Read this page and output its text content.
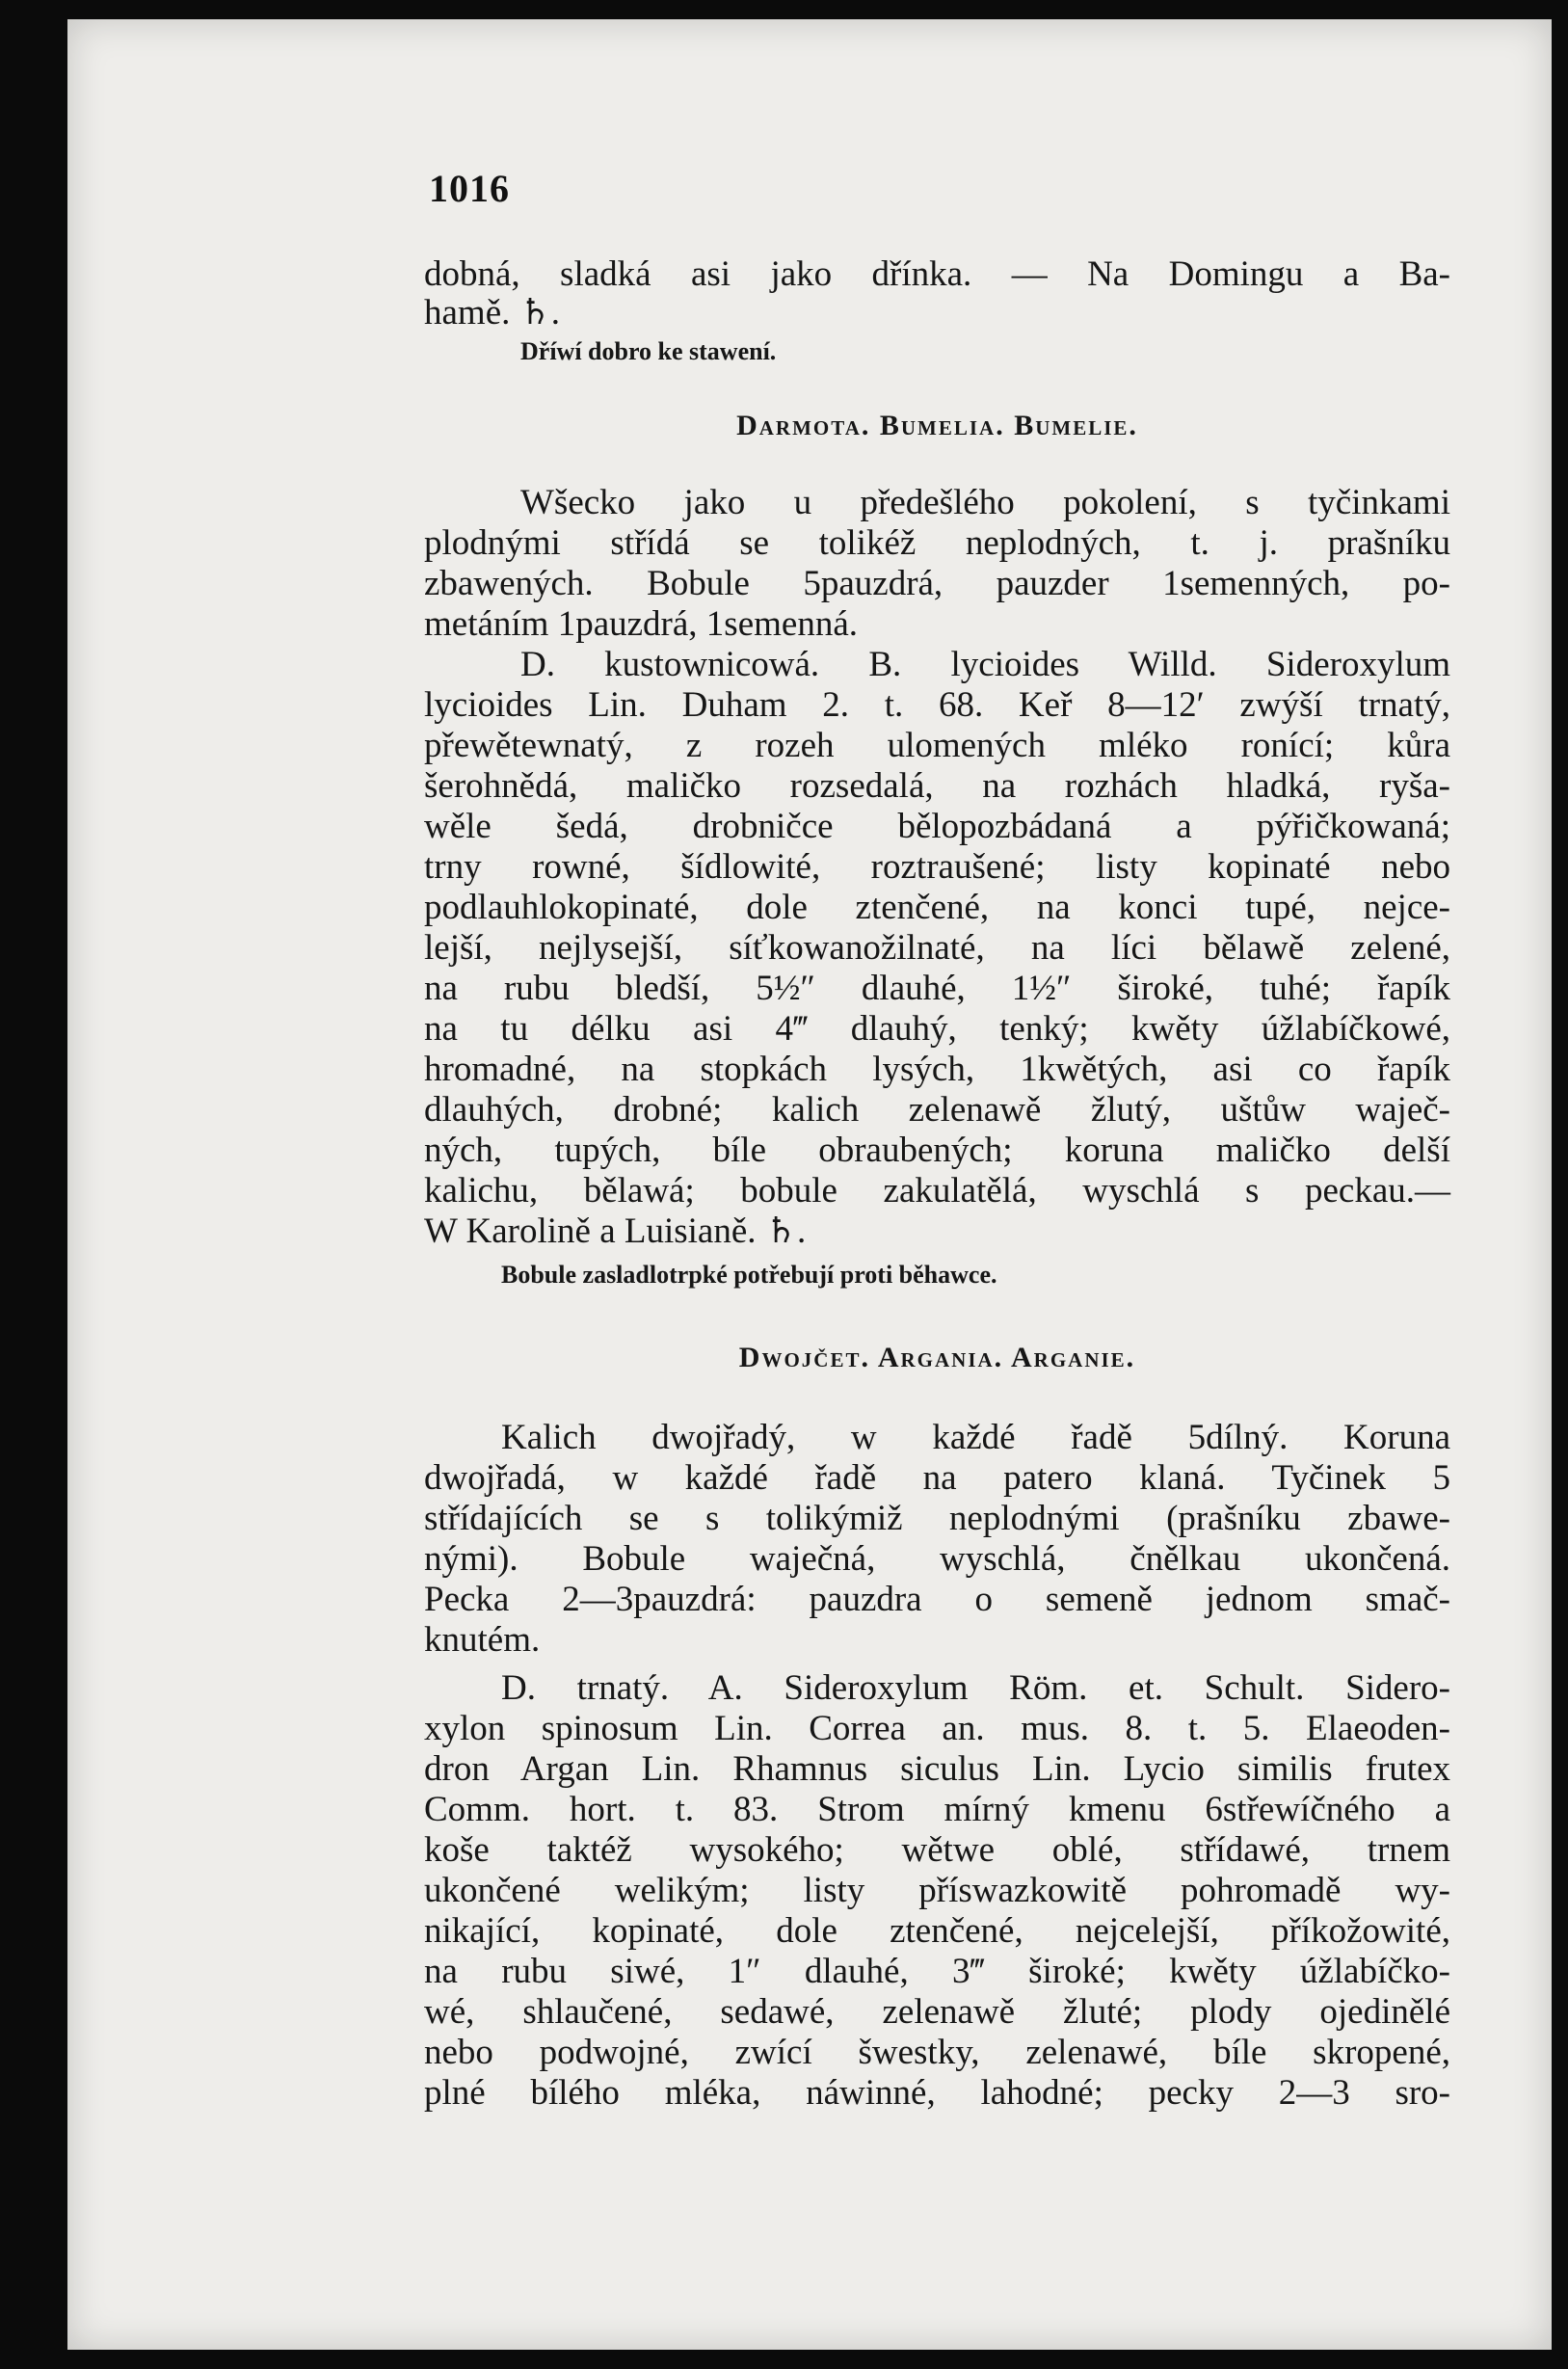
1016
dobná, sladká asi jako dřínka. — Na Domingu a Ba-
hamě. ♄.
Dříwí dobro ke stawení.
Darmota. Bumelia. Bumelie.
Wšecko jako u předešlého pokolení, s tyčinkami
plodnými střídá se tolikéž neplodných, t. j. prašníku
zbawených. Bobule 5pauzdrá, pauzder 1semenných, po-
metáním 1pauzdrá, 1semenná.
D. kustownicowá. B. lycioides Willd. Sideroxylum
lycioides Lin. Duham 2. t. 68. Keř 8—12′ zwýší trnatý,
přewětewnatý, z rozeh ulomených mléko ronící; kůra
šerohnědá, maličko rozsedalá, na rozhách hladká, ryša-
wěle šedá, drobničce bělopozbádaná a pýřičkowaná;
trny rowné, šídlowité, roztraušené; listy kopinaté nebo
podlauhlokopinaté, dole ztenčené, na konci tupé, nejce-
lejší, nejlysejší, síťkowanožilnaté, na líci bělawě zelené,
na rubu bledší, 5½″ dlauhé, 1½″ široké, tuhé; řapík
na tu délku asi 4‴ dlauhý, tenký; kwěty úžlabíčkowé,
hromadné, na stopkách lysých, 1kwětých, asi co řapík
dlauhých, drobné; kalich zelenawě žlutý, uštůw waječ-
ných, tupých, bíle obraubených; koruna maličko delší
kalichu, bělawá; bobule zakulatělá, wyschlá s peckau.—
W Karolině a Luisianě. ♄.
Bobule zasladlotrpké potřebují proti běhawce.
Dwojčet. Argania. Arganie.
Kalich dwojřadý, w každé řadě 5dílný. Koruna
dwojřadá, w každé řadě na patero klaná. Tyčinek 5
střídajících se s tolikýmiž neplodnými (prašníku zbawe-
nými). Bobule waječná, wyschlá, čnělkau ukončená.
Pecka 2—3pauzdrá: pauzdra o semeně jednom smač-
knutém.
D. trnatý. A. Sideroxylum Röm. et. Schult. Sidero-
xylon spinosum Lin. Correa an. mus. 8. t. 5. Elaeoden-
dron Argan Lin. Rhamnus siculus Lin. Lycio similis frutex
Comm. hort. t. 83. Strom mírný kmenu 6střewíčného a
koše taktéž wysokého; wětwe oblé, střídawé, trnem
ukončené welikým; listy příswazkowitě pohromadě wy-
nikající, kopinaté, dole ztenčené, nejcelejší, příkožowité,
na rubu siwé, 1″ dlauhé, 3‴ široké; kwěty úžlabíčko-
wé, shlaučené, sedawé, zelenawě žluté; plody ojedinělé
nebo podwojné, zwící šwestky, zelenawé, bíle skropené,
plné bílého mléka, náwinné, lahodné; pecky 2—3 sro-
